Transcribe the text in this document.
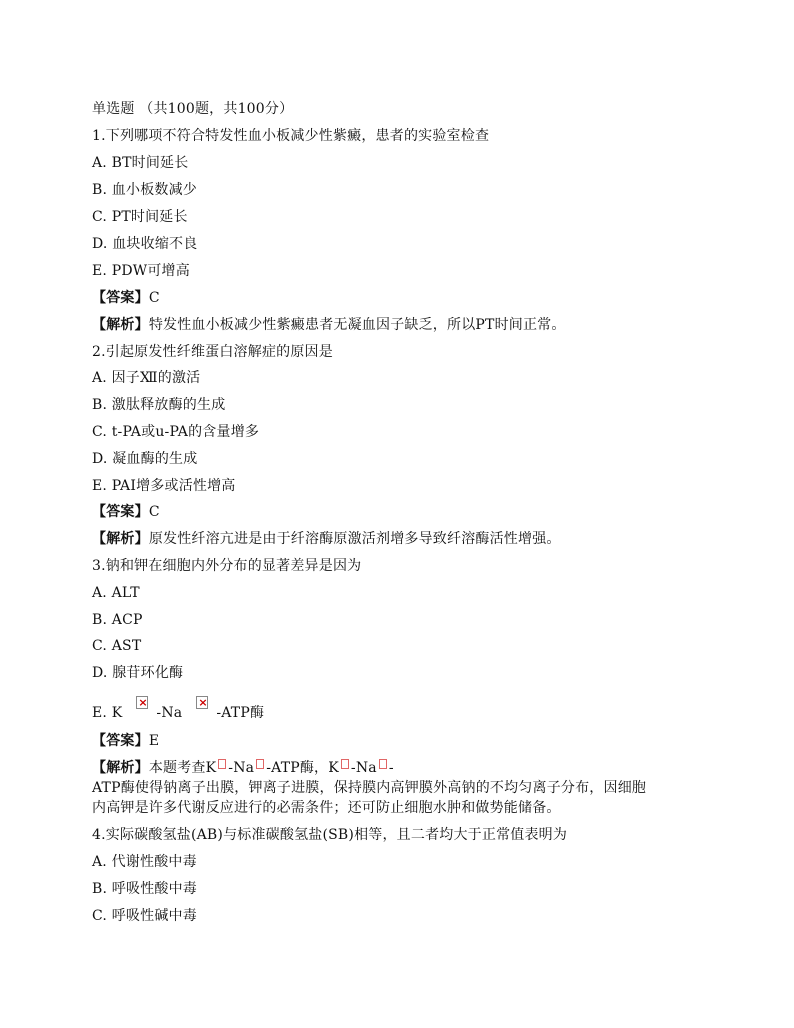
单选题 （共100题，共100分）
1.下列哪项不符合特发性血小板减少性紫癜，患者的实验室检查
A. BT时间延长
B. 血小板数减少
C. PT时间延长
D. 血块收缩不良
E. PDW可增高
【答案】C
【解析】特发性血小板减少性紫癜患者无凝血因子缺乏，所以PT时间正常。
2.引起原发性纤维蛋白溶解症的原因是
A. 因子Ⅻ的激活
B. 激肽释放酶的生成
C. t-PA或u-PA的含量增多
D. 凝血酶的生成
E. PAI增多或活性增高
【答案】C
【解析】原发性纤溶亢进是由于纤溶酶原激活剂增多导致纤溶酶活性增强。
3.钠和钾在细胞内外分布的显著差异是因为
A. ALT
B. ACP
C. AST
D. 腺苷环化酶
E. K× -Na× -ATP酶
【答案】E
【解析】本题考查K -Na -ATP酶，K -Na -
ATP酶使得钠离子出膜，钾离子进膜，保持膜内高钾膜外高钠的不均匀离子分布，因细胞
内高钾是许多代谢反应进行的必需条件；还可防止细胞水肿和做势能储备。
4.实际碳酸氢盐(AB)与标准碳酸氢盐(SB)相等，且二者均大于正常值表明为
A. 代谢性酸中毒
B. 呼吸性酸中毒
C. 呼吸性碱中毒
